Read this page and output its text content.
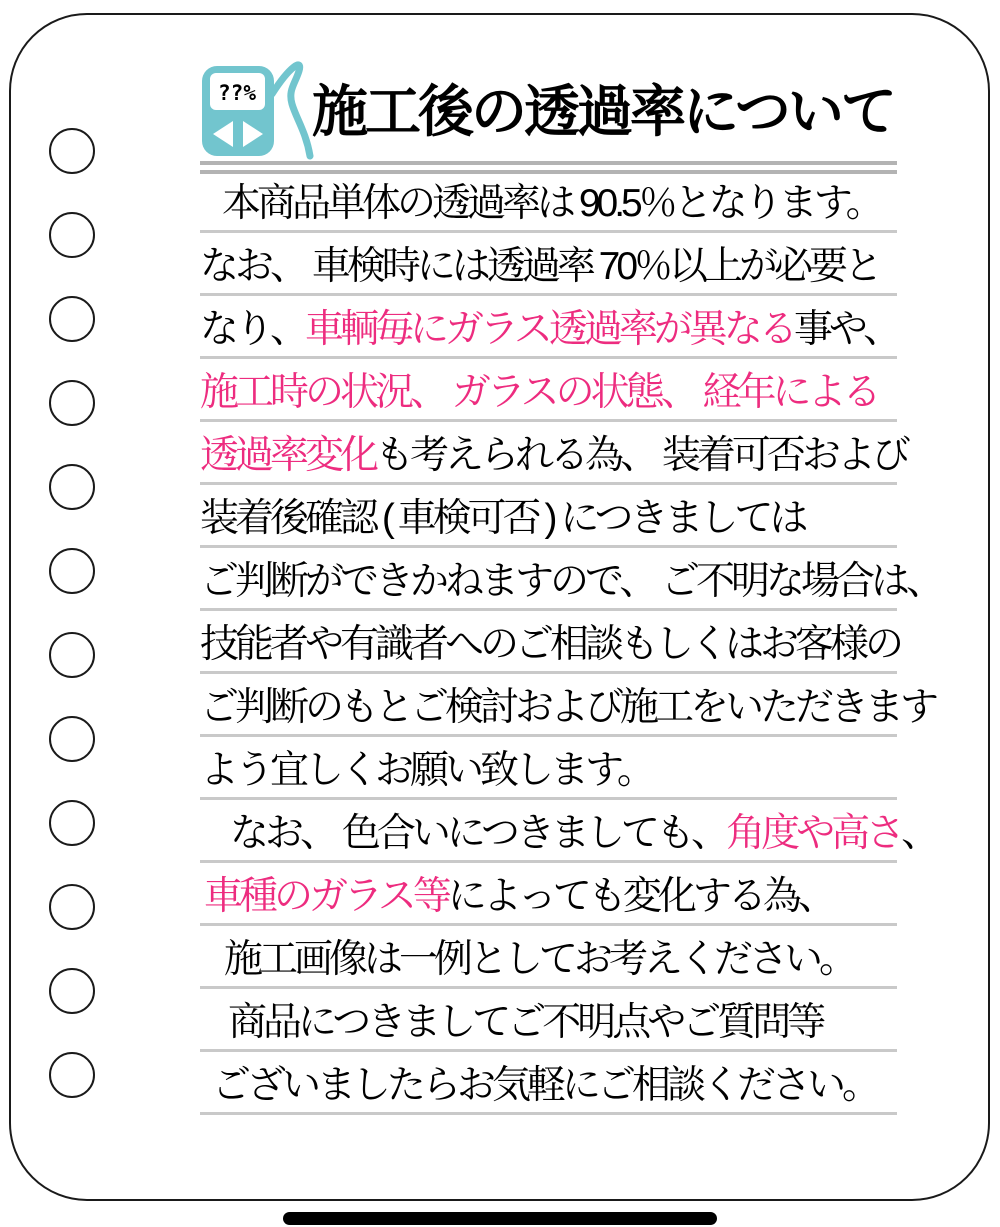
??% 施工後の透過率について
本商品単体の透過率は 90.5％となります。
なお、 車検時には透過率 70％以上が必要と
なり、 車輌毎にガラス透過率が異なる 事や、
施工時の状況、 ガラスの状態、 経年による
透過率変化 も考えられる為、 装着可否および
装着後確認 ( 車検可否 ) につきましては
ご判断ができかねますので、 ご不明な場合は、
技能者や有識者へのご相談もしくはお客様の
ご判断のもとご検討および施工をいただきます
よう宜しくお願い致します。
なお、 色合いにつきましても、 角度や高さ 、
車種のガラス等 によっても変化する為、
施工画像は一例としてお考えください。
商品につきましてご不明点やご質問等
ございましたらお気軽にご相談ください。
